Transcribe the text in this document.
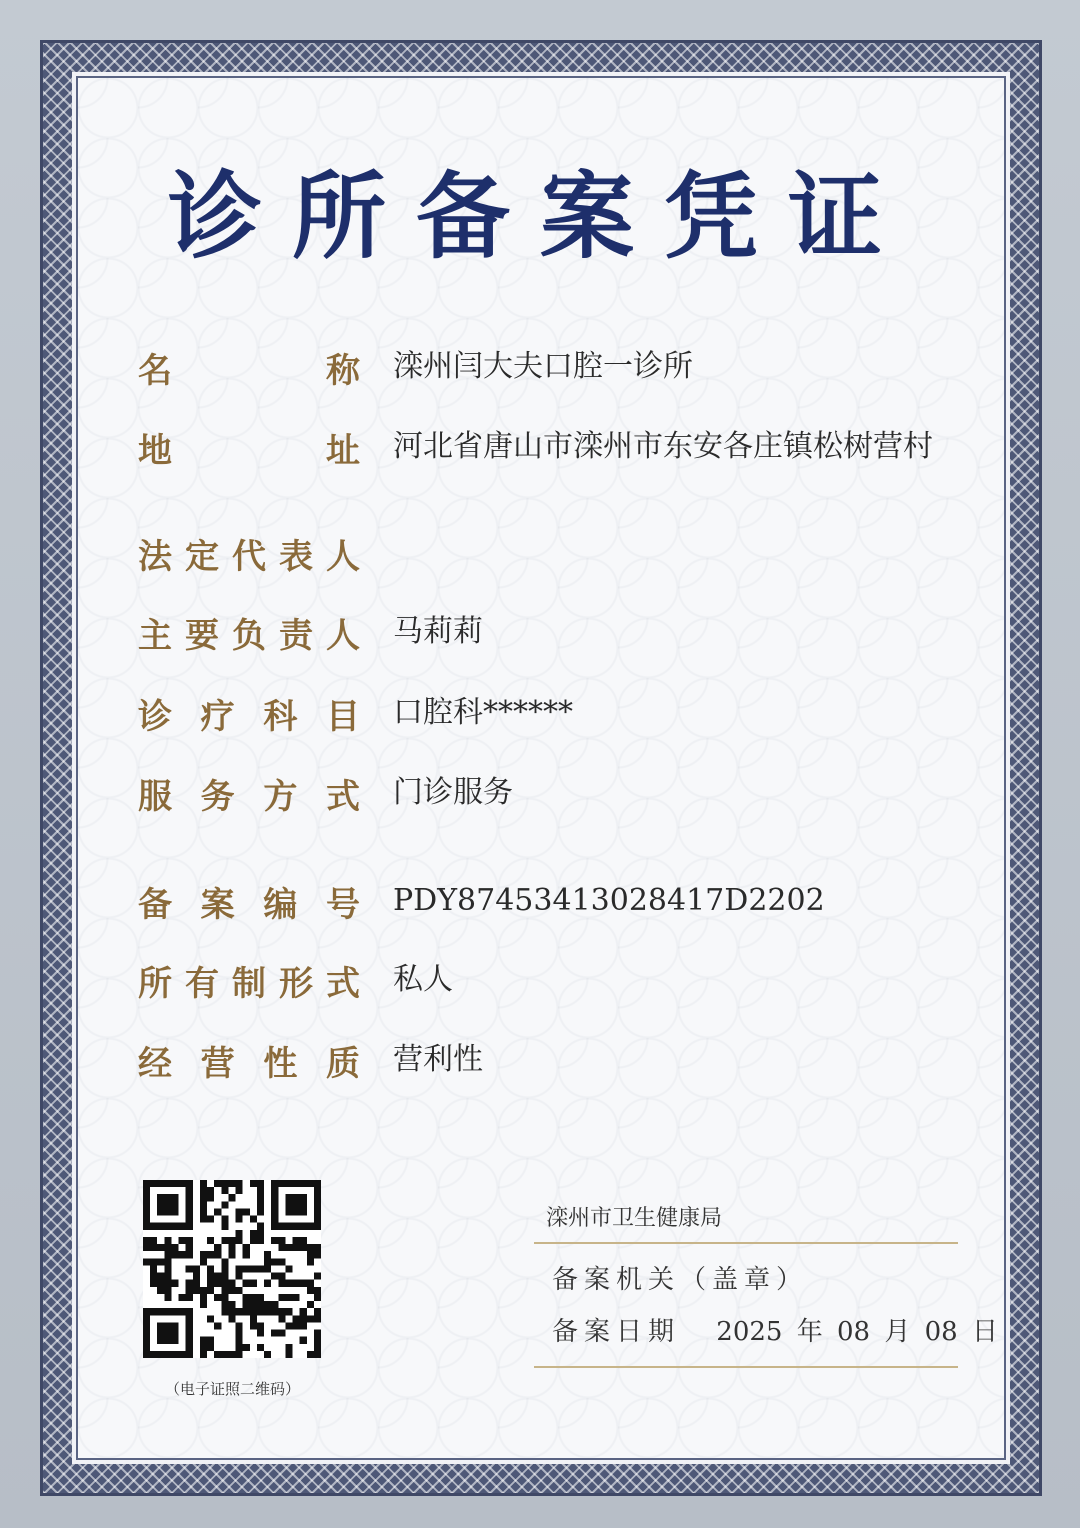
诊所备案凭证
名	称 滦州闫大夫口腔一诊所
地	址 河北省唐山市滦州市东安各庄镇松树营村
法 定 代 表 人
主 要 负 责 人 马莉莉
诊 疗 科 目 口腔科******
服 务 方 式 门诊服务
备 案 编 号 PDY87453413028417D2202
所 有 制 形 式 私人
经 营 性 质 营利性
（电子证照二维码）
滦州市卫生健康局
备案机关（盖章）
备案日期 2025 年 08 月 08 日
